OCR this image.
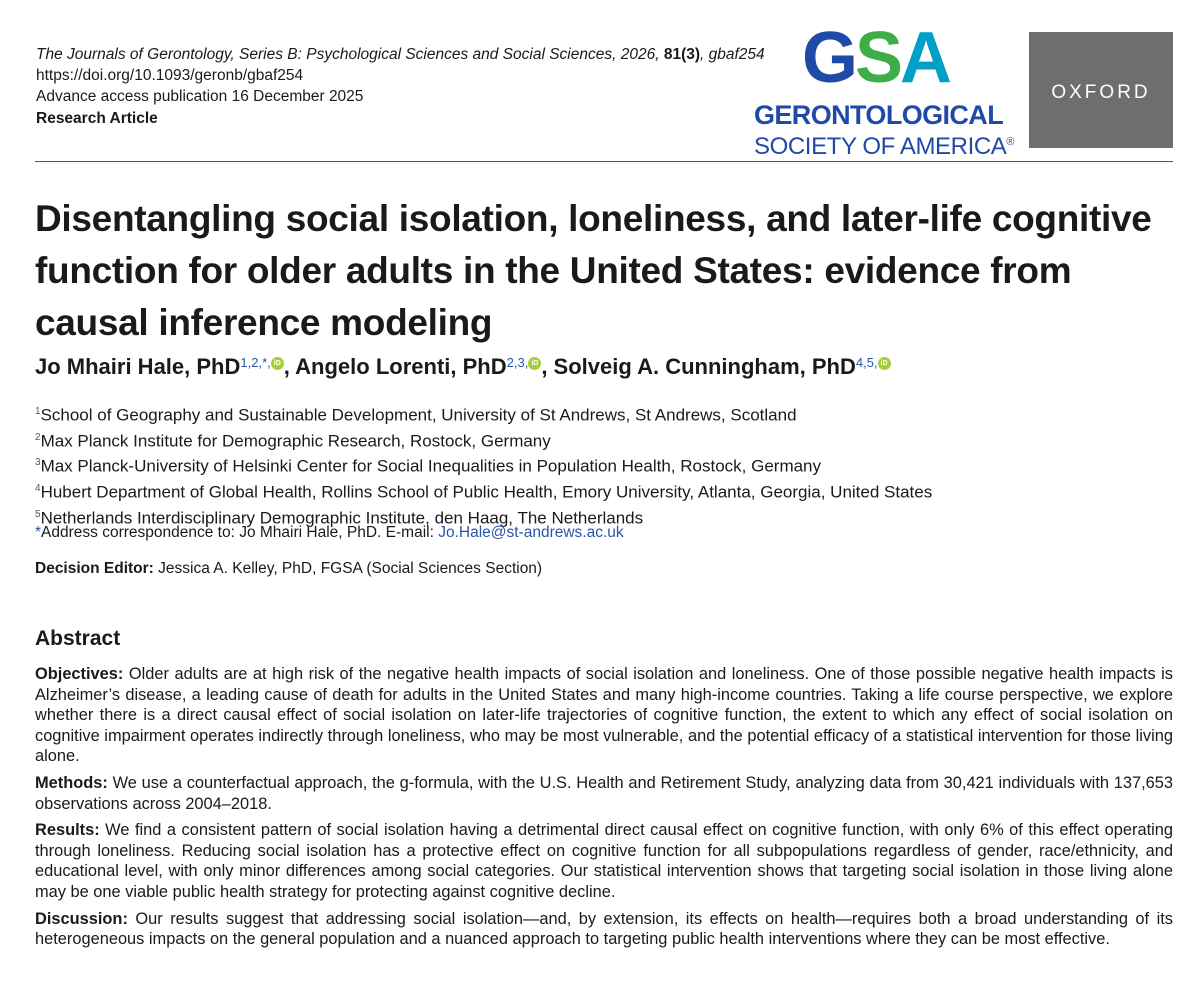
The Journals of Gerontology, Series B: Psychological Sciences and Social Sciences, 2026, 81(3), gbaf254
https://doi.org/10.1093/geronb/gbaf254
Advance access publication 16 December 2025
Research Article
GSA
GERONTOLOGICAL
SOCIETY OF AMERICA®
OXFORD
Disentangling social isolation, loneliness, and later-life cognitive function for older adults in the United States: evidence from causal inference modeling
Jo Mhairi Hale, PhD$^{1,2,*,}$ iD , Angelo Lorenti, PhD$^{2,3,}$ iD , Solveig A. Cunningham, PhD$^{4,5,}$ iD
$^1$School of Geography and Sustainable Development, University of St Andrews, St Andrews, Scotland
$^2$Max Planck Institute for Demographic Research, Rostock, Germany
$^3$Max Planck-University of Helsinki Center for Social Inequalities in Population Health, Rostock, Germany
$^4$Hubert Department of Global Health, Rollins School of Public Health, Emory University, Atlanta, Georgia, United States
$^5$Netherlands Interdisciplinary Demographic Institute, den Haag, The Netherlands
*Address correspondence to: Jo Mhairi Hale, PhD. E-mail: Jo.Hale@st-andrews.ac.uk
Decision Editor: Jessica A. Kelley, PhD, FGSA (Social Sciences Section)
Abstract

Objectives: Older adults are at high risk of the negative health impacts of social isolation and loneliness. One of those possible negative health impacts is Alzheimer’s disease, a leading cause of death for adults in the United States and many high-income countries. Taking a life course perspective, we explore whether there is a direct causal effect of social isolation on later-life trajectories of cognitive function, the extent to which any effect of social isolation on cognitive impairment operates indirectly through loneliness, who may be most vulnerable, and the potential efficacy of a statistical intervention for those living alone.

Methods: We use a counterfactual approach, the g-formula, with the U.S. Health and Retirement Study, analyzing data from 30,421 individuals with 137,653 observations across 2004–2018.

Results: We find a consistent pattern of social isolation having a detrimental direct causal effect on cognitive function, with only 6% of this effect operating through loneliness. Reducing social isolation has a protective effect on cognitive function for all subpopulations regardless of gender, race/ethnicity, and educational level, with only minor differences among social categories. Our statistical intervention shows that targeting social isolation in those living alone may be one viable public health strategy for protecting against cognitive decline.

Discussion: Our results suggest that addressing social isolation—and, by extension, its effects on health—requires both a broad understanding of its heterogeneous impacts on the general population and a nuanced approach to targeting public health interventions where they can be most effective.
